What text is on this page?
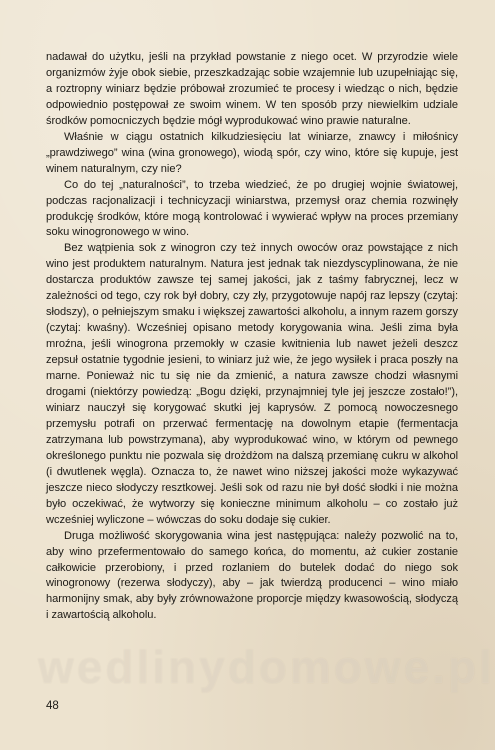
nadawał do użytku, jeśli na przykład powstanie z niego ocet. W przyrodzie wiele organizmów żyje obok siebie, przeszkadzając sobie wzajemnie lub uzupełniając się, a roztropny winiarz będzie próbował zrozumieć te procesy i wiedząc o nich, będzie odpowiednio postępował ze swoim winem. W ten sposób przy niewielkim udziale środków pomocniczych będzie mógł wyprodukować wino prawie naturalne.

Właśnie w ciągu ostatnich kilkudziesięciu lat winiarze, znawcy i miłośnicy „prawdziwego” wina (wina gronowego), wiodą spór, czy wino, które się kupuje, jest winem naturalnym, czy nie?

Co do tej „naturalności”, to trzeba wiedzieć, że po drugiej wojnie światowej, podczas racjonalizacji i technicyzacji winiarstwa, przemysł oraz chemia rozwinęły produkcję środków, które mogą kontrolować i wywierać wpływ na proces przemiany soku winogronowego w wino.

Bez wątpienia sok z winogron czy też innych owoców oraz powstające z nich wino jest produktem naturalnym. Natura jest jednak tak niezdyscyplinowana, że nie dostarcza produktów zawsze tej samej jakości, jak z taśmy fabrycznej, lecz w zależności od tego, czy rok był dobry, czy zły, przygotowuje napój raz lepszy (czytaj: słodszy), o pełniejszym smaku i większej zawartości alkoholu, a innym razem gorszy (czytaj: kwaśny). Wcześniej opisano metody korygowania wina. Jeśli zima była mroźna, jeśli winogrona przemokły w czasie kwitnienia lub nawet jeżeli deszcz zepsuł ostatnie tygodnie jesieni, to winiarz już wie, że jego wysiłek i praca poszły na marne. Ponieważ nic tu się nie da zmienić, a natura zawsze chodzi własnymi drogami (niektórzy powiedzą: „Bogu dzięki, przynajmniej tyle jej jeszcze zostało!”), winiarz nauczył się korygować skutki jej kaprysów. Z pomocą nowoczesnego przemysłu potrafi on przerwać fermentację na dowolnym etapie (fermentacja zatrzymana lub powstrzymana), aby wyprodukować wino, w którym od pewnego określonego punktu nie pozwala się drożdżom na dalszą przemianę cukru w alkohol (i dwutlenek węgla). Oznacza to, że nawet wino niższej jakości może wykazywać jeszcze nieco słodyczy resztkowej. Jeśli sok od razu nie był dość słodki i nie można było oczekiwać, że wytworzy się konieczne minimum alkoholu – co zostało już wcześniej wyliczone – wówczas do soku dodaje się cukier.

Druga możliwość skorygowania wina jest następująca: należy pozwolić na to, aby wino przefermentowało do samego końca, do momentu, aż cukier zostanie całkowicie przerobiony, i przed rozlaniem do butelek dodać do niego sok winogronowy (rezerwa słodyczy), aby – jak twierdzą producenci – wino miało harmonijny smak, aby były zrównoważone proporcje między kwasowością, słodyczą i zawartością alkoholu.

wedlinydomowe.pl
48
